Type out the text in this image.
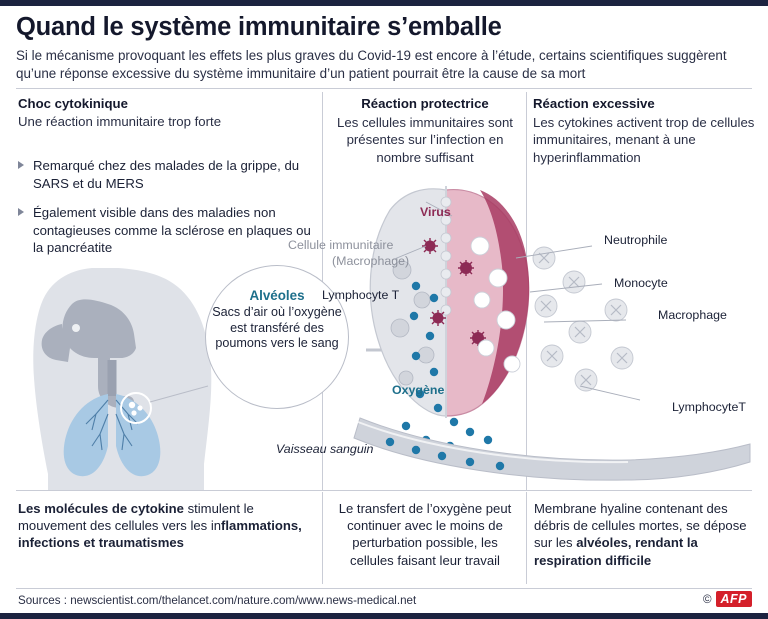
Quand le système immunitaire s’emballe
Si le mécanisme provoquant les effets les plus graves du Covid-19 est encore à l’étude, certains scientifiques suggèrent qu’une réponse excessive du système immunitaire d’un patient pourrait être la cause de sa mort
Choc cytokinique
Une réaction immunitaire trop forte
Réaction protectrice
Les cellules immunitaires sont présentes sur l’infection en nombre suffisant
Réaction excessive
Les cytokines activent trop de cellules immunitaires, menant à une hyperinflammation
Remarqué chez des malades de la grippe, du SARS et du MERS
Également visible dans des maladies non contagieuses comme la sclérose en plaques ou la pancréatite
Alvéoles
Sacs d’air où l’oxygène est transféré des poumons vers le sang
Virus
Cellule immunitaire
(Macrophage)
Lymphocyte T
Oxygène
Vaisseau sanguin
Neutrophile
Monocyte
Macrophage
LymphocyteT
Les molécules de cytokine stimulent le mouvement des cellules vers les inflammations, infections et traumatismes
Le transfert de l’oxygène peut continuer avec le moins de perturbation possible, les cellules faisant leur travail
Membrane hyaline contenant des débris de cellules mortes, se dépose sur les alvéoles, rendant la respiration difficile
Sources : newscientist.com/thelancet.com/nature.com/www.news-medical.net	© AFP
